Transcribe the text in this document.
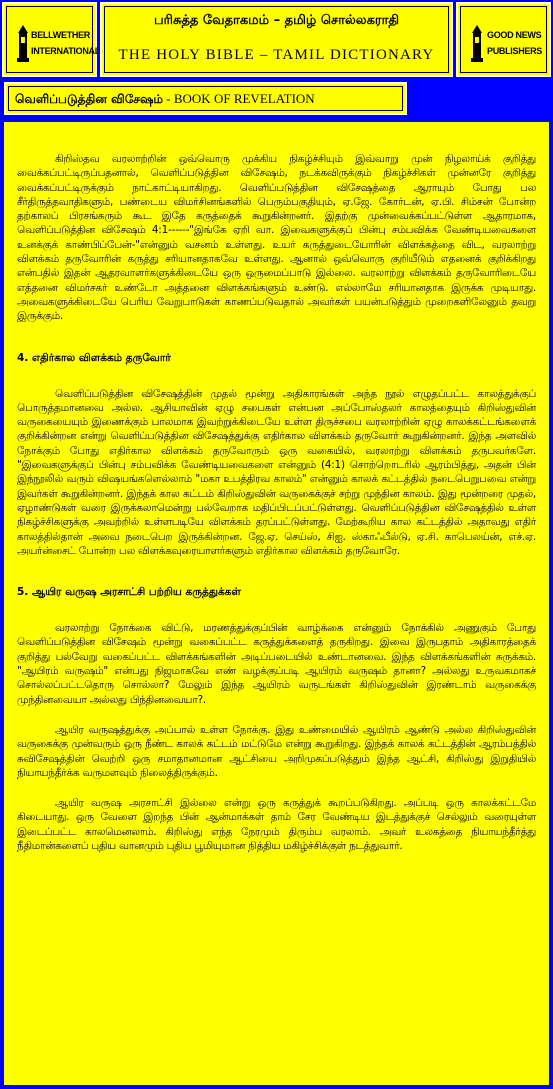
BELLWETHER
INTERNATIONAL
பரிசுத்த வேதாகமம் – தமிழ் சொல்லகராதி
THE HOLY BIBLE – TAMIL DICTIONARY
GOOD NEWS
PUBLISHERS
வெளிப்படுத்தின விசேஷம் - BOOK OF REVELATION

கிறிஸ்தவ வரலாற்றின் ஒவ்வொரு முக்கிய நிகழ்ச்சியும் இவ்வாறு முன் நிழலாய்க் குறித்து வைக்கப்பட்டிருப்பதனால், வெளிப்படுத்தின விசேஷம், நடக்கவிருக்கும் நிகழ்ச்சிகள் முன்னரே குறித்து வைக்கப்பட்டிருக்கும் நாட்காட்டியாகிறது. வெளிப்படுத்தின விசேஷத்தை ஆராயும் போது பல சீர்திருத்தவாதிகளும், பண்டைய விமர்சினங்களில் பெரும்பகுதியும், ஏ.ஜே. கோர்டன், ஏ.பி. சிம்சன் போன்ற தற்காலப் பிரசங்கரும் கூட இதே கருத்தைக் கூறுகின்றனர். இதற்கு முன்வைக்கப்பட்டுள்ள ஆதாரமாக, வெளிப்படுத்தின விசேஷம் 4:1------"இங்கே ஏறி வா. இவைகளுக்குப் பின்பு சம்பவிக்க வேண்டியவைகளை உனக்குக் காண்பிப்பேன்-"என்னும் வசனம் உள்ளது. உயர் கருத்துடையோரின் விளக்கத்தை விட, வரலாற்று விளக்கம் தருவோரின் கருத்து சரியானதாகவே உள்ளது. ஆனால் ஒவ்வொரு குறியீடும் எதனைக் குறிக்கிறது என்பதில் இதன் ஆதரவாளர்களுக்கிடையே ஒரு ஒருமைப்பாடு இல்லை. வரலாற்று விளக்கம் தருவோரிடையே எத்தனை விமர்சகர் உண்டோ அத்தனை விளக்கங்களும் உண்டு. எல்லாமே சரியானதாக இருக்க முடியாது. அவைகளுக்கிடையே பெரிய வேறுபாடுகள் காணப்படுவதால் அவர்கள் பயன்படுத்தும் முறைகளிலேனும் தவறு இருக்கும்.

4. எதிர்கால விளக்கம் தருவோர்

வெளிப்படுத்தின விசேஷத்தின் முதல் மூன்று அதிகாரங்கள் அந்த நூல் எழுதப்பட்ட காலத்துக்குப் பொருத்தமானவை அல்ல. ஆசியாவின் ஏழு சபைகள் என்பன அப்போஸ்தலர் காலத்தையும் கிறிஸ்துவின் வருகையையும் இணைக்கும் பாலமாக இவற்றுக்கிடையே உள்ள திருச்சபை வரலாற்றின் ஏழு காலக்கட்டங்களைக் குறிக்கின்றன என்று வெளிப்படுத்தின விசேஷத்துக்கு எதிர்கால விளக்கம் தருவோர் கூறுகின்றனர். இந்த அளவில் நோக்கும் போது எதிர்கால விளக்கம் தருவோரும் ஒரு வகையில், வரலாற்று விளக்கம் தருபவர்களே. "இவைகளுக்குப் பின்பு சம்பவிக்க வேண்டியவைகளை என்னும் (4:1) சொற்றொடரில் ஆரம்பித்து, அதன் பின் இந்நூலில் வரும் விஷயங்களெல்லாம் "மகா உபத்திரவ காலம்" என்னும் காலக் கட்டத்தில் நடைபெறுபவை என்று இவர்கள் கூறுகின்றனர். இந்தக் கால கட்டம் கிறிஸ்துவின் வருகைக்குச் சற்று முந்தின காலம். இது மூன்றரை முதல், ஏழாண்டுகள் வரை இருக்கலாமென்று பல்வேறாக மதிப்பிடப்பட்டுள்ளது. வெளிப்படுத்தின விசேஷத்தில் உள்ள நிகழ்ச்சிகளுக்கு அவற்றில் உள்ளபடியே விளக்கம் தரப்பட்டுள்ளது. மேற்கூறிய கால கட்டத்தில் அதாவது எதிர் காலத்தில்தான் அவை நடைபெற இருக்கின்றன. ஜே.ஏ. செய்ஸ், சிஐ. ஸ்காஃபீல்டு, ஏ.சி. காபெலய்ன், எச்.ஏ. அயர்ன்சைட் போன்ற பல விளக்கவுரையாளர்களும் எதிர்கால விளக்கம் தருவோரே.

5. ஆயிர வருஷ அரசாட்சி பற்றிய கருத்துக்கள்

வரலாற்று நோக்கை விட்டு, மரணத்துக்குப்பின் வாழ்க்கை என்னும் நோக்கில் அணுகும் போது வெளிப்படுத்தின விசேஷம் மூன்று வகைப்பட்ட கருத்துக்களைத் தருகிறது. இவை இருபதாம் அதிகாரத்தைக் குறித்து பல்வேறு வகைப்பட்ட விளக்கங்களின் அடிப்படையில் உண்டானவை. இந்த விளக்கங்களின் சுருக்கம். "ஆயிரம் வருஷம்" என்பது நிஜமாகவே எண் வழக்குப்படி ஆயிரம் வருஷம் தானா? அல்லது உருவகமாகச் சொல்லப்பட்டதொரு சொல்லா? மேலும் இந்த ஆயிரம் வருடங்கள் கிறிஸ்துவின் இரண்டாம் வருகைக்கு முந்தினவையா அல்லது பிந்தினவையா?.

ஆயிர வருஷத்துக்கு அப்பால் உள்ள நோக்கு. இது உண்மையில் ஆயிரம் ஆண்டு அல்ல கிறிஸ்துவின் வருகைக்கு முன்வரும் ஒரு நீண்ட காலக் கட்டம் மட்டுமே என்று கூறுகிறது. இந்தக் காலக் கட்டத்தின் ஆரம்பத்தில் சுவிசேஷத்தின் வெற்றி ஒரு சமாதானமான ஆட்சியை அறிமுகப்படுத்தும் இந்த ஆட்சி, கிறிஸ்து இறுதியில் நியாயந்தீர்க்க வருமளவும் நிலைத்திருக்கும்.

ஆயிர வருஷ அரசாட்சி இல்லை என்று ஒரு கருத்துக் கூறப்படுகிறது. அப்படி ஒரு காலக்கட்டமே கிடையாது. ஒரு வேளை இறந்த பின் ஆன்மாக்கள் தாம் சேர வேண்டிய இடத்துக்குச் செல்லும் வரையுள்ள இடைப்பட்ட காலமெனலாம். கிறிஸ்து எந்த நேரமும் திரும்ப வரலாம். அவர் உலகத்தை நியாயந்தீர்த்து நீதிமான்களைப் புதிய வானமும் புதிய பூமியுமான நித்திய மகிழ்ச்சிக்குள் நடத்துவார்.
